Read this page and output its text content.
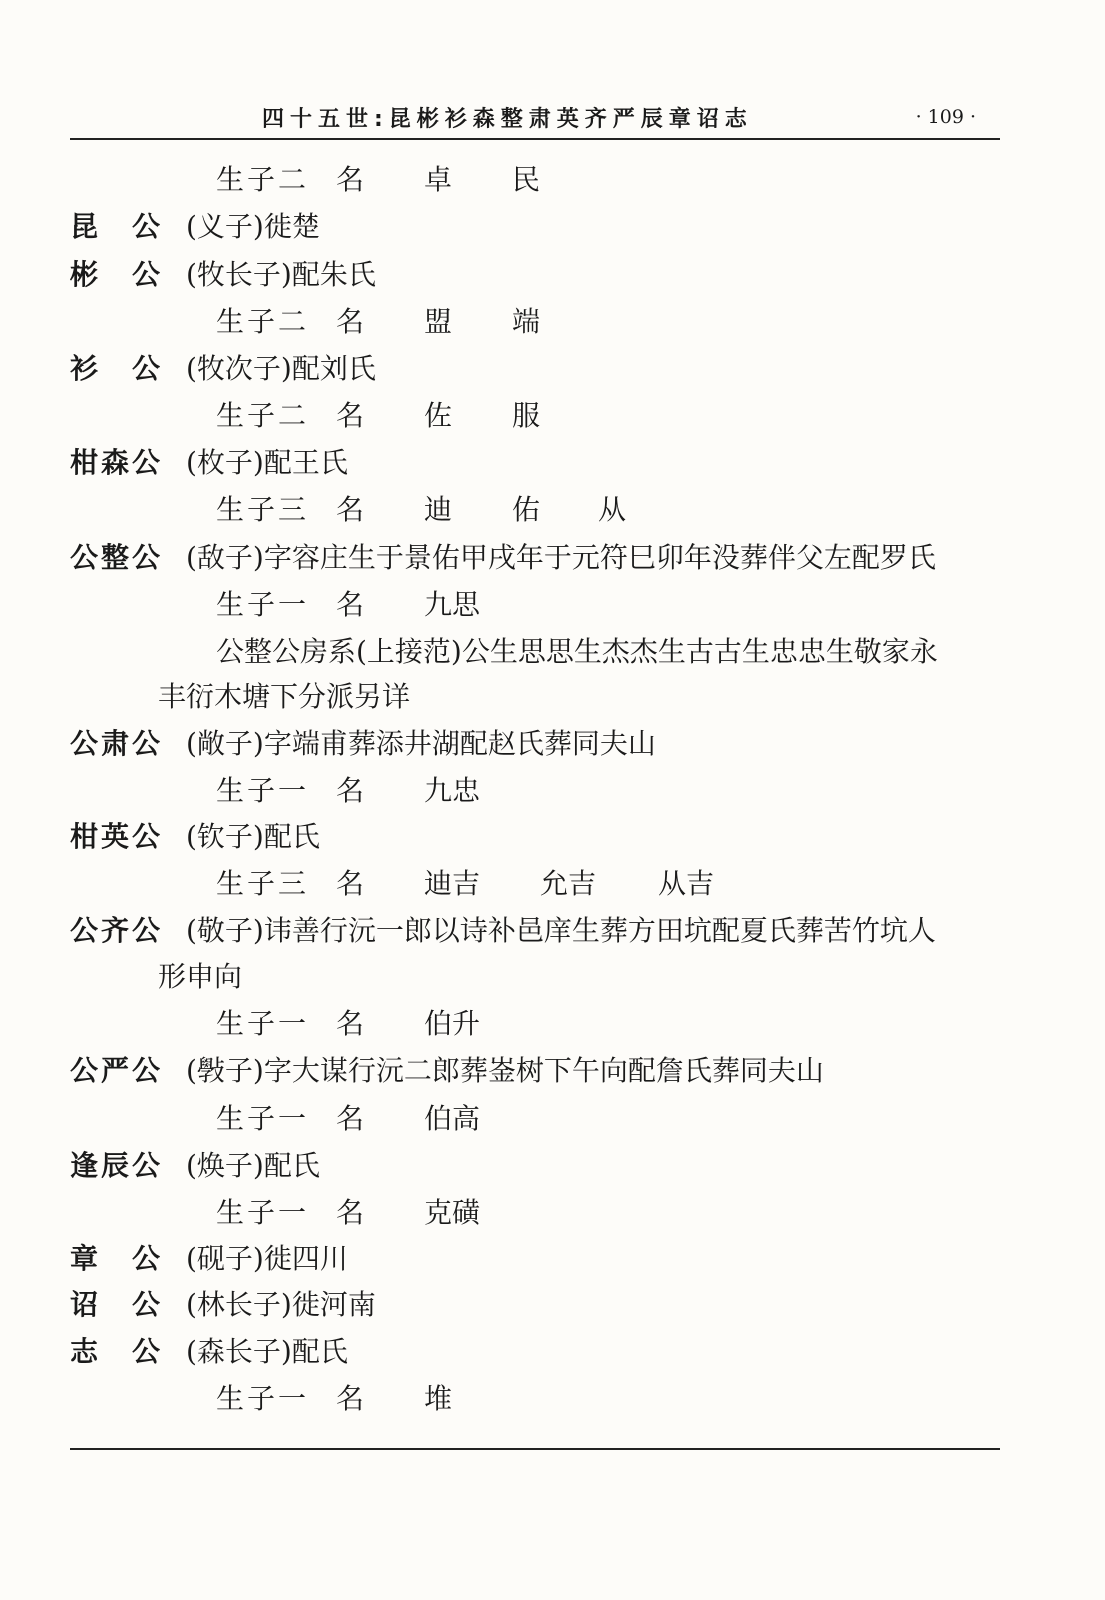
四十五世:昆彬衫森整肃英齐严辰章诏志	· 109 ·
生子二 名 卓 民
昆　公 (义子)徙楚
彬　公 (牧长子)配朱氏
生子二 名 盟 端
衫　公 (牧次子)配刘氏
生子二 名 佐 服
柑森公 (枚子)配王氏
生子三 名 迪 佑 从
公整公 (敌子)字容庄生于景佑甲戌年于元符巳卯年没葬伴父左配罗氏
生子一 名 九思
公整公房系(上接范)公生思思生杰杰生古古生忠忠生敬家永
丰衍木塘下分派另详
公肃公 (敞子)字端甫葬添井湖配赵氏葬同夫山
生子一 名 九忠
柑英公 (钦子)配氏
生子三 名 迪吉 允吉 从吉
公齐公 (敬子)讳善行沅一郎以诗补邑庠生葬方田坑配夏氏葬苦竹坑人
形申向
生子一 名 伯升
公严公 (斅子)字大谋行沅二郎葬崟树下午向配詹氏葬同夫山
生子一 名 伯高
逢辰公 (焕子)配氏
生子一 名 克磺
章　公 (砚子)徙四川
诏　公 (林长子)徙河南
志　公 (森长子)配氏
生子一 名 堆
